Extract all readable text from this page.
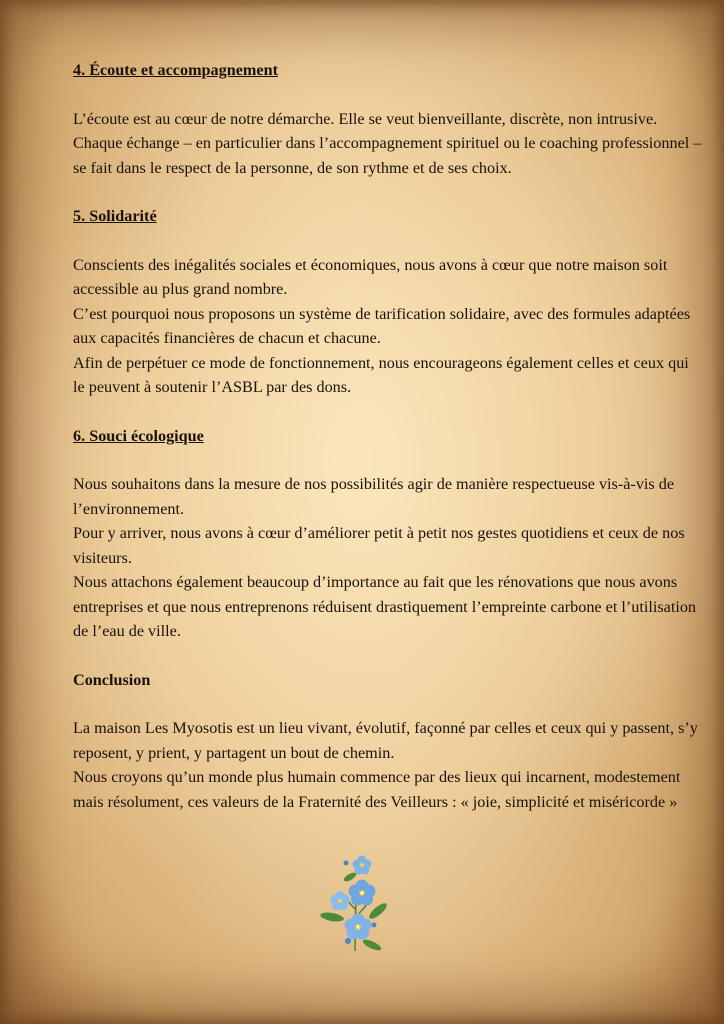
4. Écoute et accompagnement

L’écoute est au cœur de notre démarche. Elle se veut bienveillante, discrète, non intrusive.

Chaque échange – en particulier dans l’accompagnement spirituel ou le coaching professionnel – se fait dans le respect de la personne, de son rythme et de ses choix.

5. Solidarité

Conscients des inégalités sociales et économiques, nous avons à cœur que notre maison soit accessible au plus grand nombre.

C’est pourquoi nous proposons un système de tarification solidaire, avec des formules adaptées aux capacités financières de chacun et chacune.

Afin de perpétuer ce mode de fonctionnement, nous encourageons également celles et ceux qui le peuvent à soutenir l’ASBL par des dons.

6. Souci écologique

Nous souhaitons dans la mesure de nos possibilités agir de manière respectueuse vis-à-vis de l’environnement.

Pour y arriver, nous avons à cœur d’améliorer petit à petit nos gestes quotidiens et ceux de nos visiteurs.

Nous attachons également beaucoup d’importance au fait que les rénovations que nous avons entreprises et que nous entreprenons réduisent drastiquement l’empreinte carbone et l’utilisation de l’eau de ville.

Conclusion

La maison Les Myosotis est un lieu vivant, évolutif, façonné par celles et ceux qui y passent, s’y reposent, y prient, y partagent un bout de chemin.

Nous croyons qu’un monde plus humain commence par des lieux qui incarnent, modestement mais résolument, ces valeurs de la Fraternité des Veilleurs : « joie, simplicité et miséricorde »
